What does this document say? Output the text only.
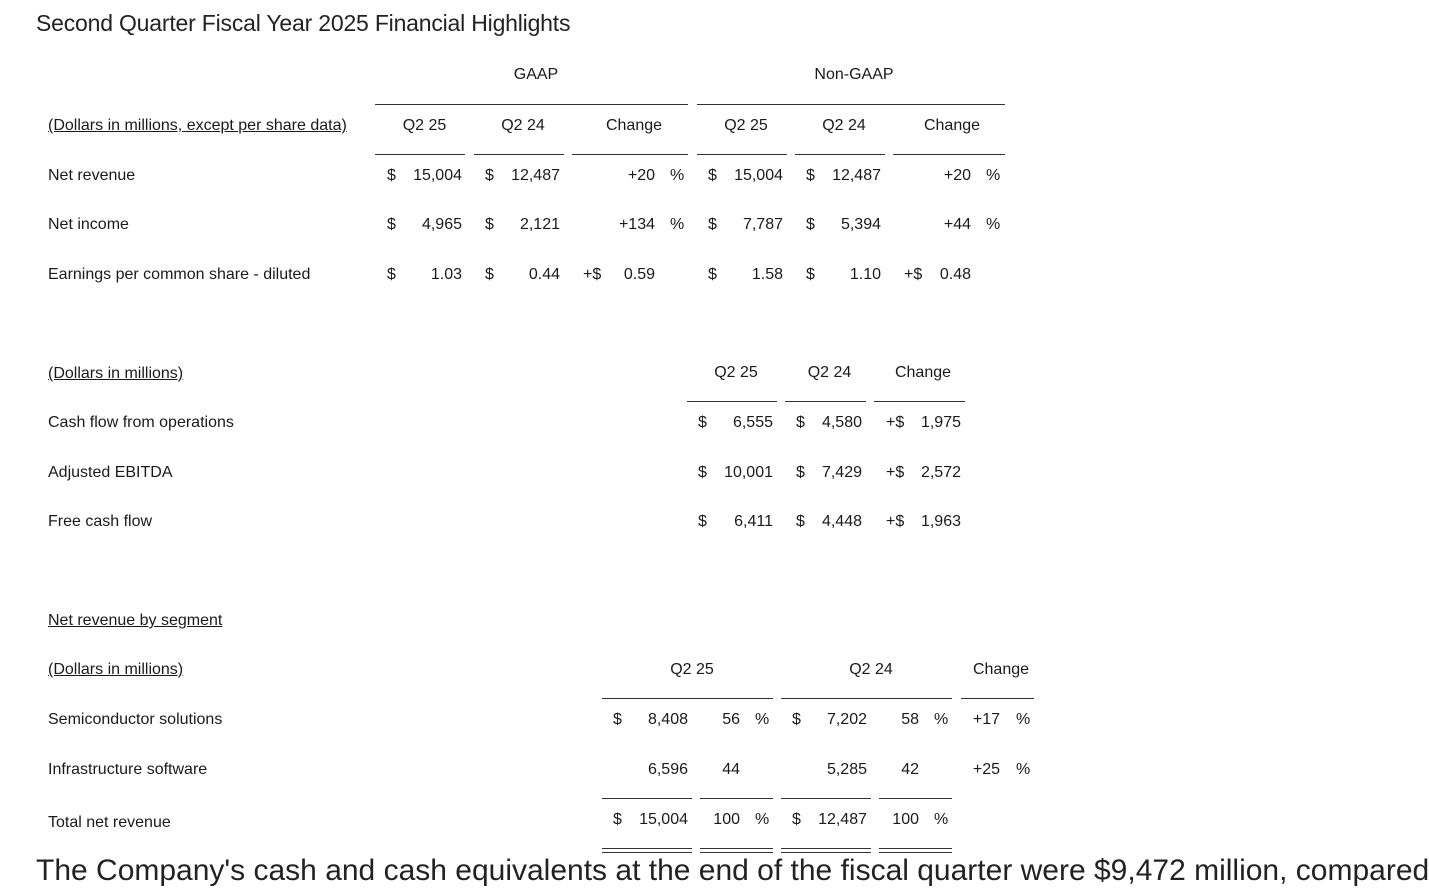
Second Quarter Fiscal Year 2025 Financial Highlights
GAAP	Non-GAAP
(Dollars in millions, except per share data)	Q2 25	Q2 24	Change	Q2 25	Q2 24	Change
Net revenue	$	15,004 $	12,487	+20 % $	15,004 $	12,487	+20 %
Net income	$	4,965 $	2,121	+134 % $	7,787 $	5,394	+44 %
Earnings per common share - diluted	$	1.03 $	0.44 +$	0.59	$	1.58 $	1.10 +$	0.48
(Dollars in millions)	Q2 25	Q2 24	Change
Cash flow from operations	$	6,555 $	4,580 +$	1,975
Adjusted EBITDA	$	10,001 $	7,429 +$	2,572
Free cash flow	$	6,411 $	4,448 +$	1,963
Net revenue by segment
(Dollars in millions)	Q2 25	Q2 24	Change
Semiconductor solutions	$	8,408	56 % $	7,202	58 %	+17 %
Infrastructure software	6,596	44	5,285	42	+25 %
Total net revenue	$	15,004	100 % $	12,487	100 %
The Company's cash and cash equivalents at the end of the fiscal quarter were $9,472 million, compared
